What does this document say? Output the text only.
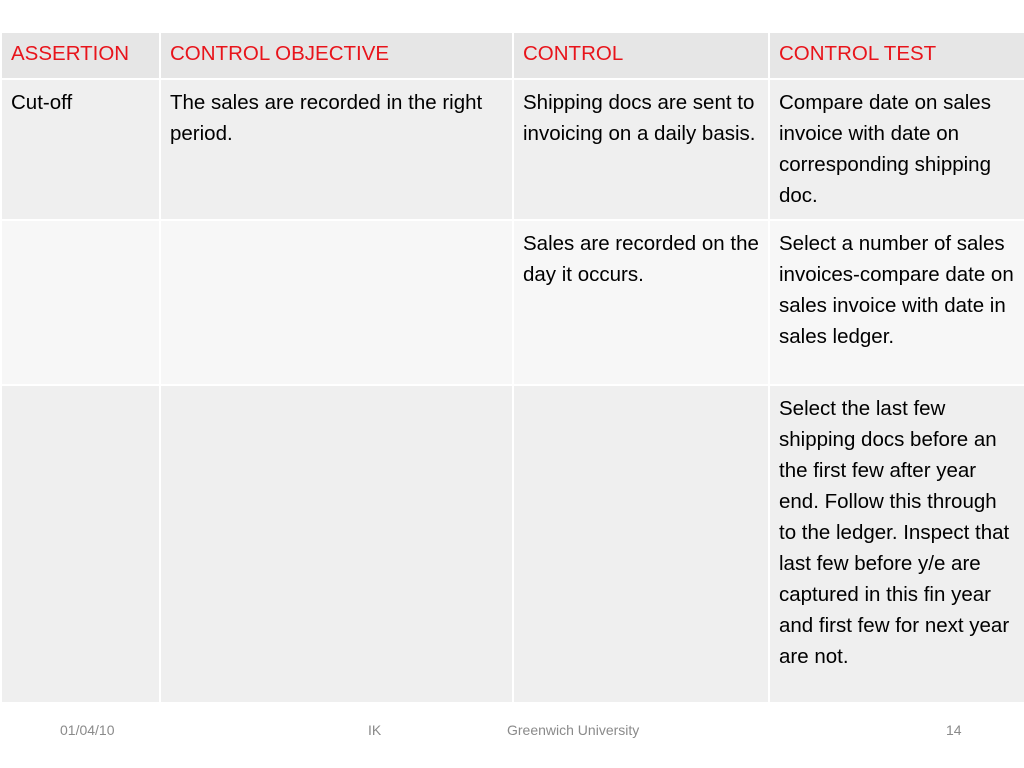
ASSERTION	CONTROL OBJECTIVE	CONTROL	CONTROL TEST
Cut-off	The sales are recorded in the right period.	Shipping docs are sent to invoicing on a daily basis.	Compare date on sales invoice with date on corresponding shipping doc.
		Sales are recorded on the day it occurs.	Select a number of sales invoices-compare date on sales invoice with date in sales ledger.
			Select the last few shipping docs before an the first few after year end. Follow this through to the ledger. Inspect that last few before y/e are captured in this fin year and first few for next year are not.
01/04/10	IK	Greenwich University	14
